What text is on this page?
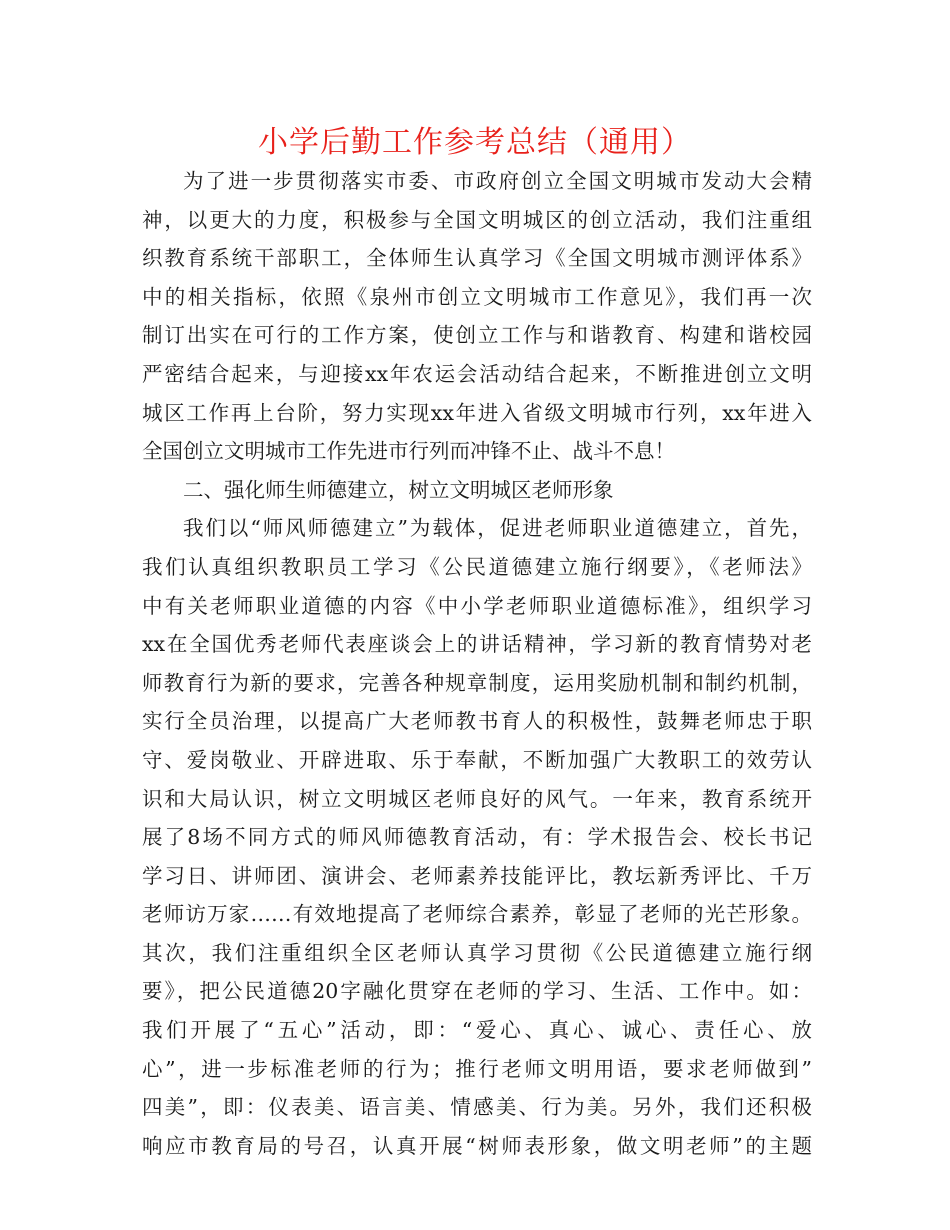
小学后勤工作参考总结（通用）
为了进一步贯彻落实市委、市政府创立全国文明城市发动大会精
神，以更大的力度，积极参与全国文明城区的创立活动，我们注重组
织教育系统干部职工，全体师生认真学习《全国文明城市测评体系》
中的相关指标，依照《泉州市创立文明城市工作意见》，我们再一次
制订出实在可行的工作方案，使创立工作与和谐教育、构建和谐校园
严密结合起来，与迎接xx年农运会活动结合起来，不断推进创立文明
城区工作再上台阶，努力实现xx年进入省级文明城市行列，xx年进入
全国创立文明城市工作先进市行列而冲锋不止、战斗不息！
二、强化师生师德建立，树立文明城区老师形象
我们以“师风师德建立”为载体，促进老师职业道德建立，首先，
我们认真组织教职员工学习《公民道德建立施行纲要》，《老师法》
中有关老师职业道德的内容《中小学老师职业道德标准》，组织学习
xx在全国优秀老师代表座谈会上的讲话精神，学习新的教育情势对老
师教育行为新的要求，完善各种规章制度，运用奖励机制和制约机制，
实行全员治理，以提高广大老师教书育人的积极性，鼓舞老师忠于职
守、爱岗敬业、开辟进取、乐于奉献，不断加强广大教职工的效劳认
识和大局认识，树立文明城区老师良好的风气。一年来，教育系统开
展了8场不同方式的师风师德教育活动，有：学术报告会、校长书记
学习日、讲师团、演讲会、老师素养技能评比，教坛新秀评比、千万
老师访万家……有效地提高了老师综合素养，彰显了老师的光芒形象。
其次，我们注重组织全区老师认真学习贯彻《公民道德建立施行纲
要》，把公民道德20字融化贯穿在老师的学习、生活、工作中。如：
我们开展了“五心”活动，即：“爱心、真心、诚心、责任心、放
心”，进一步标准老师的行为；推行老师文明用语，要求老师做到”
四美”，即：仪表美、语言美、情感美、行为美。另外，我们还积极
响应市教育局的号召，认真开展“树师表形象，做文明老师”的主题
